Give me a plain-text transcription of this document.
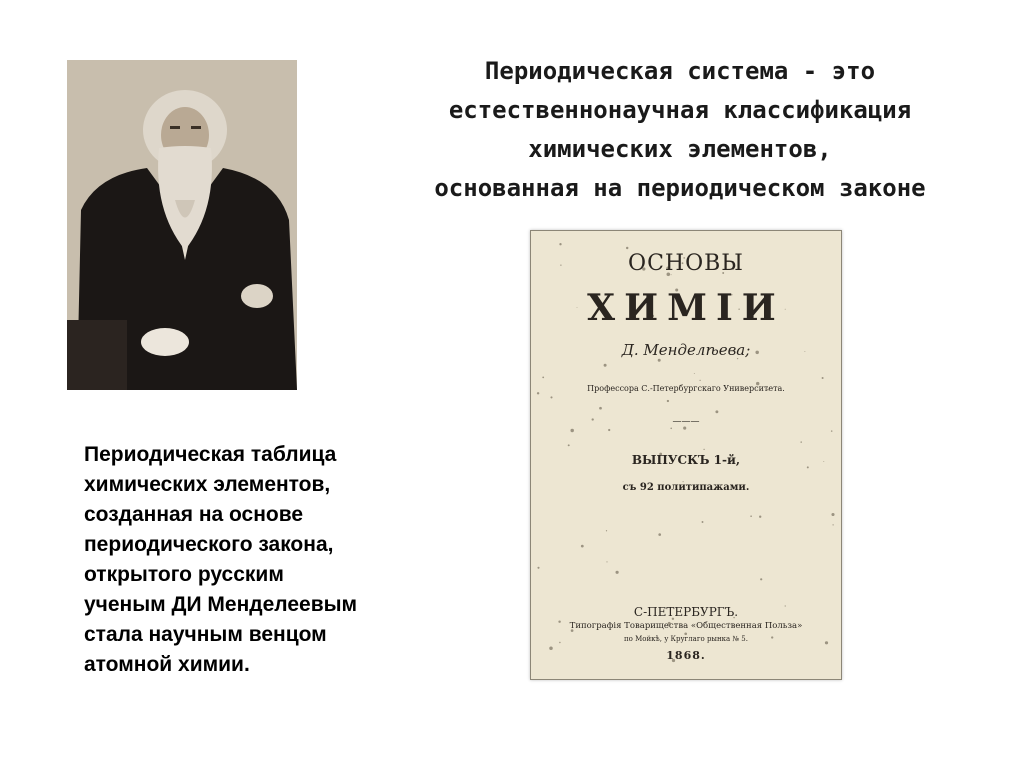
Периодическая система - это
естественнонаучная классификация
химических элементов,
основанная на периодическом законе
Периодическая таблица
химических элементов,
созданная на основе
периодического закона,
открытого русским
ученым ДИ Менделеевым
стала научным венцом
атомной химии.
ОСНОВЫ
ХИМIИ
Д. Менделѣева;
Профессора С.-Петербургскаго Университета.
———
ВЫПУСКЪ 1-й,
съ 92 политипажами.
С-ПЕТЕРБУРГЪ.
Типографiя Товарищества «Общественная Польза»
по Мойкѣ, у Круглаго рынка № 5.
1868.
